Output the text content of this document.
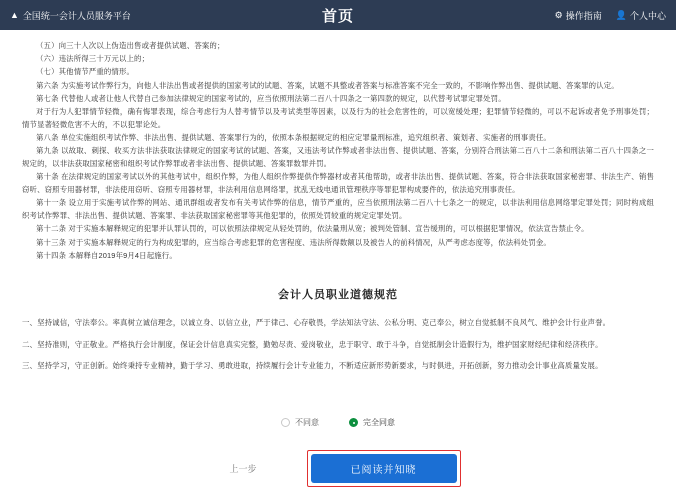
▲ 全国统一会计人员服务平台	首页	⚙ 操作指南 👤 个人中心

（五）向三十人次以上伪造出售或者提供试题、答案的；

（六）违法所得三十万元以上的；

（七）其他情节严重的情形。

第六条 为实施考试作弊行为，向他人非法出售或者提供的国家考试的试题、答案，试题不具整或者答案与标准答案不完全一致的，不影响作弊出售、提供试题、答案罪的认定。

第七条 代替他人或者让他人代替自己参加法律规定的国家考试的，应当依照刑法第二百八十四条之一第四款的规定，以代替考试罪定罪处罚。

对于行为人犯罪情节轻微，确有悔罪表现，综合考虑行为人替考情节以及考试类型等因素，以及行为的社会危害性的，可以宽缓处理；犯罪情节轻微的，可以不起诉或者免予刑事处罚；情节显著轻微危害不大的，不以犯罪论处。

第八条 单位实施组织考试作弊、非法出售、提供试题、答案罪行为的，依照本条根据规定的相应定罪量刑标准，追究组织者、策划者、实施者的刑事责任。

第九条 以故取、刺探、收买方法非法获取法律规定的国家考试的试题、答案，又违法考试作弊或者非法出售、提供试题、答案，分别符合刑法第二百八十二条和刑法第二百八十四条之一规定的，以非法获取国家秘密和组织考试作弊罪或者非法出售、提供试题、答案罪数罪并罚。

第十条 在法律规定的国家考试以外的其他考试中，组织作弊，为他人组织作弊提供作弊器材或者其他帮助，或者非法出售、提供试题、答案，符合非法获取国家秘密罪、非法生产、销售窃听、窃照专用器材罪，非法使用窃听、窃照专用器材罪，非法利用信息网络罪，扰乱无线电通讯管理秩序等罪犯罪构成要件的，依法追究刑事责任。

第十一条 设立用于实施考试作弊的网站、通讯群组或者发布有关考试作弊的信息，情节严重的，应当依照刑法第二百八十七条之一的规定，以非法利用信息网络罪定罪处罚；同时构成组织考试作弊罪、非法出售、提供试题、答案罪、非法获取国家秘密罪等其他犯罪的，依照处罚较重的规定定罪处罚。

第十二条 对于实施本解释规定的犯罪并认罪认罚的，可以依照法律规定从轻处罚的，依法量刑从宽；被判处管制、宣告缓刑的，可以根据犯罪情况，依法宣告禁止令。

第十三条 对于实施本解释规定的行为构成犯罪的，应当综合考虑犯罪的危害程度、违法所得数额以及被告人的前科情况，从严考虑态度等，依法科处罚金。

第十四条 本解释自2019年9月4日起施行。

会计人员职业道德规范

一、坚持诚信，守法奉公。率真树立诚信理念，以诚立身、以信立业，严于律己、心存敬畏，学法知法守法、公私分明、克己奉公，树立自觉抵制不良风气、维护会计行业声誉。

二、坚持准则，守正敬业。严格执行会计制度，保证会计信息真实完整，勤勉尽责、爱岗敬业，忠于职守、敢于斗争，自觉抵制会计造假行为，维护国家财经纪律和经济秩序。

三、坚持学习，守正创新。始终秉持专业精神，勤于学习、勇敢进取，持续履行会计专业能力，不断适应新形势新要求，与时俱进，开拓创新，努力推动会计事业高质量发展。

不同意	完全同意
上一步	已阅读并知晓
